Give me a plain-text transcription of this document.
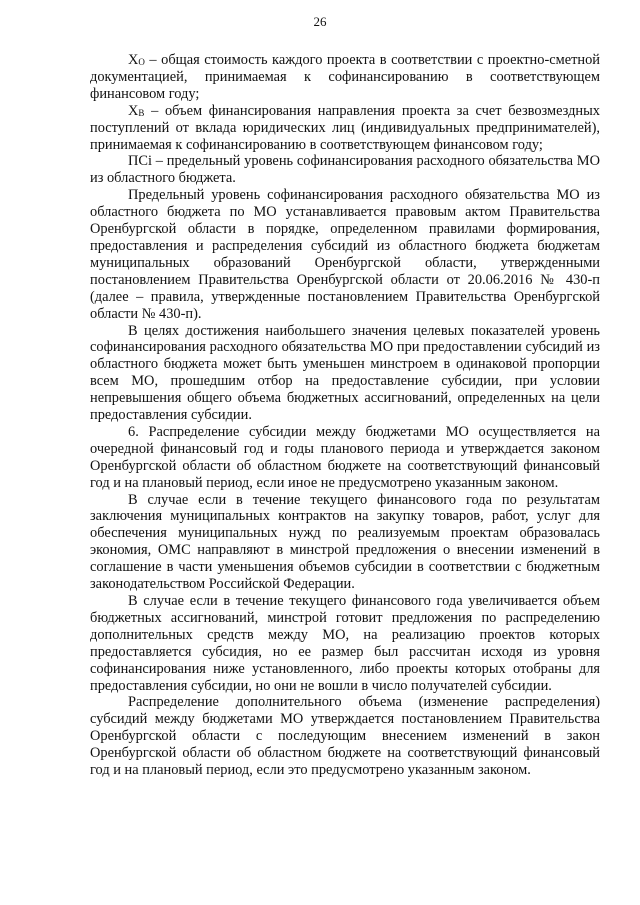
26

$X_O$ – общая стоимость каждого проекта в соответствии с проектно-сметной документацией, принимаемая к софинансированию в соответствующем финансовом году;

$X_B$ – объем финансирования направления проекта за счет безвозмездных поступлений от вклада юридических лиц (индивидуальных предпринимателей), принимаемая к софинансированию в соответствующем финансовом году;

ПСi – предельный уровень софинансирования расходного обязательства МО из областного бюджета.

Предельный уровень софинансирования расходного обязательства МО из областного бюджета по МО устанавливается правовым актом Правительства Оренбургской области в порядке, определенном правилами формирования, предоставления и распределения субсидий из областного бюджета бюджетам муниципальных образований Оренбургской области, утвержденными постановлением Правительства Оренбургской области от 20.06.2016 № 430-п (далее – правила, утвержденные постановлением Правительства Оренбургской области № 430-п).

В целях достижения наибольшего значения целевых показателей уровень софинансирования расходного обязательства МО при предоставлении субсидий из областного бюджета может быть уменьшен минстроем в одинаковой пропорции всем МО, прошедшим отбор на предоставление субсидии, при условии непревышения общего объема бюджетных ассигнований, определенных на цели предоставления субсидии.

6. Распределение субсидии между бюджетами МО осуществляется на очередной финансовый год и годы планового периода и утверждается законом Оренбургской области об областном бюджете на соответствующий финансовый год и на плановый период, если иное не предусмотрено указанным законом.

В случае если в течение текущего финансового года по результатам заключения муниципальных контрактов на закупку товаров, работ, услуг для обеспечения муниципальных нужд по реализуемым проектам образовалась экономия, ОМС направляют в минстрой предложения о внесении изменений в соглашение в части уменьшения объемов субсидии в соответствии с бюджетным законодательством Российской Федерации.

В случае если в течение текущего финансового года увеличивается объем бюджетных ассигнований, минстрой готовит предложения по распределению дополнительных средств между МО, на реализацию проектов которых предоставляется субсидия, но ее размер был рассчитан исходя из уровня софинансирования ниже установленного, либо проекты которых отобраны для предоставления субсидии, но они не вошли в число получателей субсидии.

Распределение дополнительного объема (изменение распределения) субсидий между бюджетами МО утверждается постановлением Правительства Оренбургской области с последующим внесением изменений в закон Оренбургской области об областном бюджете на соответствующий финансовый год и на плановый период, если это предусмотрено указанным законом.
